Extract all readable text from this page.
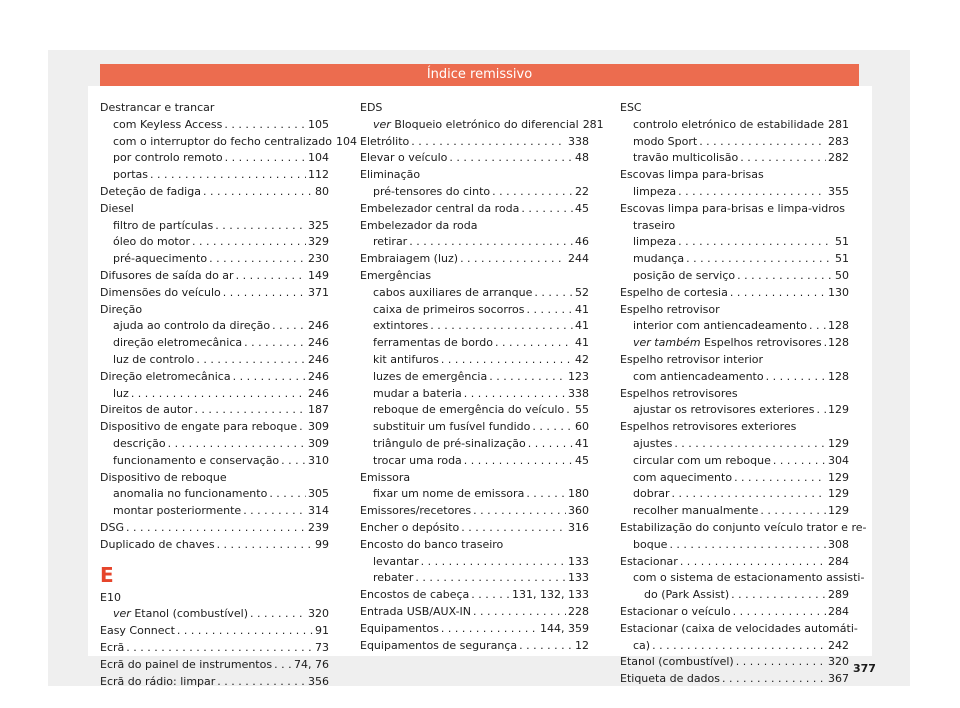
Índice remissivo
Destrancar e trancar
com Keyless Access . . .	105
com o interruptor do fecho centralizado 104
por controlo remoto . . .	104
portas . . .	112
Deteção de fadiga . . .	80
Diesel
filtro de partículas . . .	325
óleo do motor . . .	329
pré-aquecimento . . .	230
Difusores de saída do ar . . .	149
Dimensões do veículo . . .	371
Direção
ajuda ao controlo da direção . . .	246
direção eletromecânica . . .	246
luz de controlo . . .	246
Direção eletromecânica . . .	246
luz . . .	246
Direitos de autor . . .	187
Dispositivo de engate para reboque . . . 309
descrição . . .	309
funcionamento e conservação . . .	310
Dispositivo de reboque
anomalia no funcionamento . . .	305
montar posteriormente . . .	314
DSG . . .	239
Duplicado de chaves . . .	99
E
E10
ver Etanol (combustível) . . .	320
Easy Connect . . .	91
Ecrã . . .	73
Ecrã do painel de instrumentos . . . 74, 76
Ecrã do rádio: limpar . . .	356
EDS
ver Bloqueio eletrónico do diferencial 281
Eletrólito . . .	338
Elevar o veículo . . .	48
Eliminação
pré-tensores do cinto . . .	22
Embelezador central da roda . . .	45
Embelezador da roda
retirar . . .	46
Embraiagem (luz) . . .	244
Emergências
cabos auxiliares de arranque . . .	52
caixa de primeiros socorros . . .	41
extintores . . .	41
ferramentas de bordo . . .	41
kit antifuros . . .	42
luzes de emergência . . .	123
mudar a bateria . . .	338
reboque de emergência do veículo . . . 55
substituir um fusível fundido . . .	60
triângulo de pré-sinalização . . .	41
trocar uma roda . . .	45
Emissora
fixar um nome de emissora . . .	180
Emissores/recetores . . .	360
Encher o depósito . . .	316
Encosto do banco traseiro
levantar . . .	133
rebater . . .	133
Encostos de cabeça . . .	131, 132, 133
Entrada USB/AUX-IN . . .	228
Equipamentos . . .	144, 359
Equipamentos de segurança . . .	12
ESC
controlo eletrónico de estabilidade 281
modo Sport . . .	283
travão multicolisão . . .	282
Escovas limpa para-brisas
limpeza . . .	355
Escovas limpa para-brisas e limpa-vidros
traseiro
limpeza . . .	51
mudança . . .	51
posição de serviço . . .	50
Espelho de cortesia . . .	130
Espelho retrovisor
interior com antiencadeamento . . . 128
ver também Espelhos retrovisores . . . 128
Espelho retrovisor interior
com antiencadeamento . . .	128
Espelhos retrovisores
ajustar os retrovisores exteriores . . . 129
Espelhos retrovisores exteriores
ajustes . . .	129
circular com um reboque . . .	304
com aquecimento . . .	129
dobrar . . .	129
recolher manualmente . . .	129
Estabilização do conjunto veículo trator e re-
boque . . .	308
Estacionar . . .	284
com o sistema de estacionamento assisti-
do (Park Assist) . . .	289
Estacionar o veículo . . .	284
Estacionar (caixa de velocidades automáti-
ca) . . .	242
Etanol (combustível) . . .	320
Etiqueta de dados . . .	367
377
